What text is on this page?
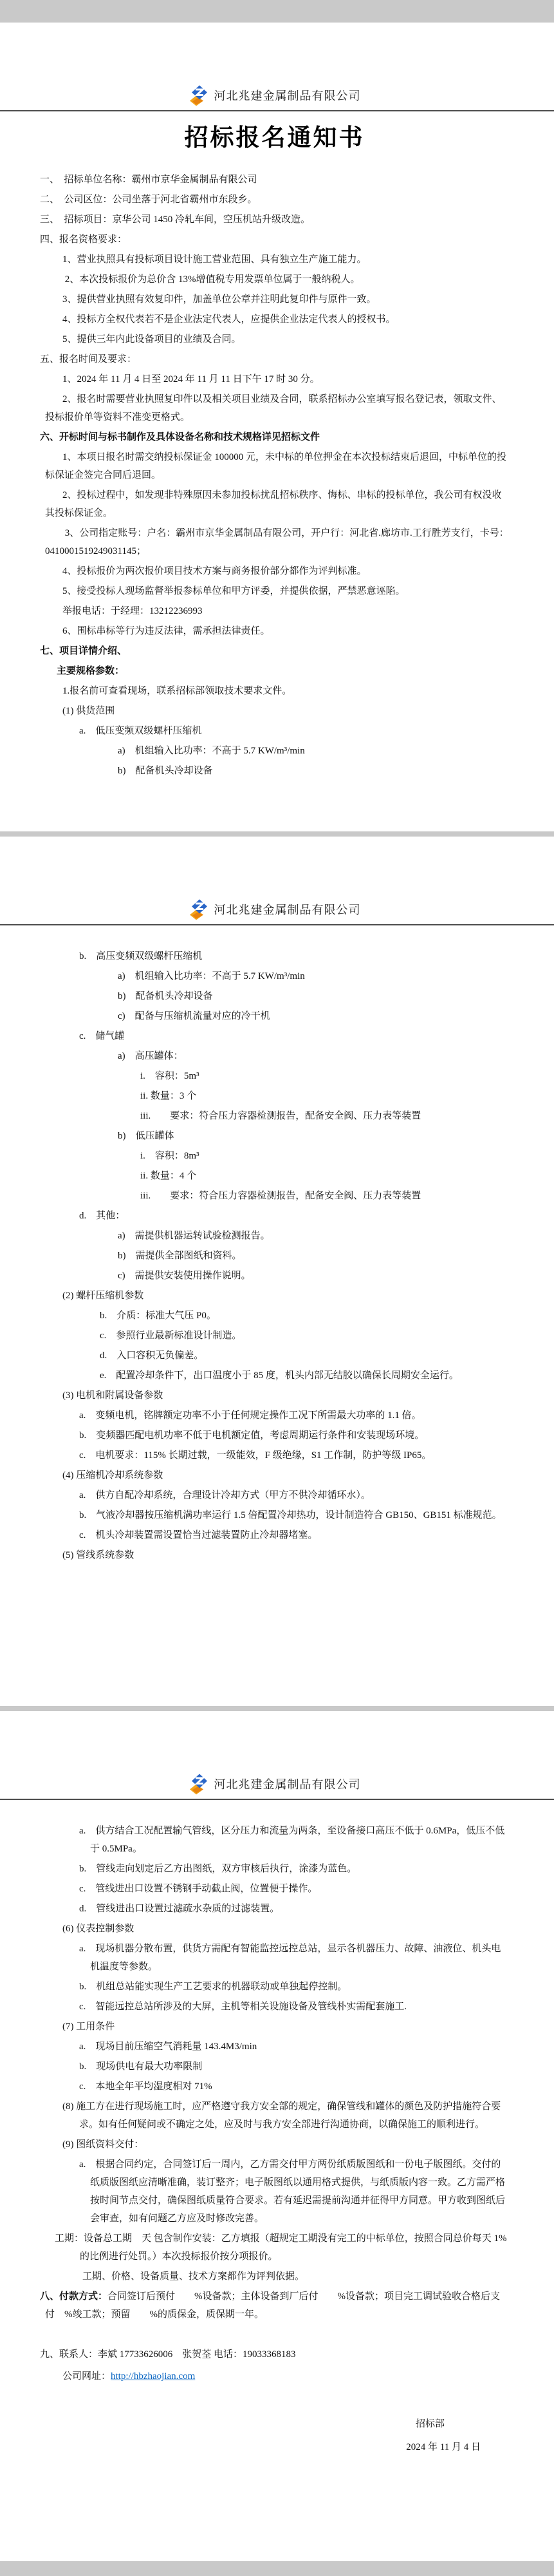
河北兆建金属制品有限公司
招标报名通知书

一、　招标单位名称：霸州市京华金属制品有限公司

二、　公司区位：公司坐落于河北省霸州市东段乡。

三、　招标项目：京华公司 1450 冷轧车间，空压机站升级改造。

四、报名资格要求：

1、营业执照具有投标项目设计施工营业范围、具有独立生产施工能力。

2、本次投标报价为总价含 13%增值税专用发票单位属于一般纳税人。

3、提供营业执照有效复印件，加盖单位公章并注明此复印件与原件一致。

4、投标方全权代表若不是企业法定代表人，应提供企业法定代表人的授权书。

5、提供三年内此设备项目的业绩及合同。

五、报名时间及要求：

1、2024 年 11 月 4 日至 2024 年 11 月 11 日下午 17 时 30 分。

2、报名时需要营业执照复印件以及相关项目业绩及合同，联系招标办公室填写报名登记表，领取文件、投标报价单等资料不准变更格式。

六、开标时间与标书制作及具体设备名称和技术规格详见招标文件

1、本项日报名时需交纳投标保证金 100000 元，未中标的单位押金在本次投标结束后退回，中标单位的投标保证金签完合同后退回。

2、投标过程中，如发现非特殊原因未参加投标扰乱招标秩序、悔标、串标的投标单位，我公司有权没收其投标保证金。

3、公司指定账号：户名：霸州市京华金属制品有限公司，开户行：河北省.廊坊市.工行胜芳支行，卡号：0410001519249031145；

4、投标报价为两次报价项目技术方案与商务报价部分都作为评判标准。

5、接受投标人现场监督举报参标单位和甲方评委，并提供依据，严禁恶意诬陷。

举报电话：于经理：13212236993

6、围标串标等行为违反法律，需承担法律责任。

七、项目详情介绍、

主要规格参数：

1.报名前可查看现场，联系招标部领取技术要求文件。

(1) 供货范围

a.　低压变频双级螺杆压缩机

a)　机组输入比功率：不高于 5.7 KW/m³/min

b)　配备机头冷却设备

河北兆建金属制品有限公司

b.　高压变频双级螺杆压缩机

a)　机组输入比功率：不高于 5.7 KW/m³/min

b)　配备机头冷却设备

c)　配备与压缩机流量对应的冷干机

c.　储气罐

a)　高压罐体：

i.　容积：5m³

ii. 数量：3 个

iii.　　要求：符合压力容器检测报告，配备安全阀、压力表等装置

b)　低压罐体

i.　容积：8m³

ii. 数量：4 个

iii.　　要求：符合压力容器检测报告，配备安全阀、压力表等装置

d.　其他：

a)　需提供机器运转试验检测报告。

b)　需提供全部图纸和资料。

c)　需提供安装使用操作说明。

(2) 螺杆压缩机参数

b.　介质：标准大气压 P0。

c.　参照行业最新标准设计制造。

d.　入口容积无负偏差。

e.　配置冷却条件下，出口温度小于 85 度，机头内部无结胶以确保长周期安全运行。

(3) 电机和附属设备参数

a.　变频电机，铭牌额定功率不小于任何规定操作工况下所需最大功率的 1.1 倍。

b.　变频器匹配电机功率不低于电机额定值，考虑周期运行条件和安装现场环境。

c.　电机要求：115% 长期过载，一级能效，F 级绝缘，S1 工作制，防护等级 IP65。

(4) 压缩机冷却系统参数

a.　供方自配冷却系统，合理设计冷却方式（甲方不供冷却循环水）。

b.　气液冷却器按压缩机满功率运行 1.5 倍配置冷却热功，设计制造符合 GB150、GB151 标准规范。

c.　机头冷却装置需设置恰当过滤装置防止冷却器堵塞。

(5) 管线系统参数

河北兆建金属制品有限公司

a.　供方结合工况配置输气管线，区分压力和流量为两条，至设备接口高压不低于 0.6MPa，低压不低于 0.5MPa。

b.　管线走向划定后乙方出图纸，双方审核后执行，涂漆为蓝色。

c.　管线进出口设置不锈钢手动截止阀，位置便于操作。

d.　管线进出口设置过滤疏水杂质的过滤装置。

(6) 仪表控制参数

a.　现场机器分散布置，供货方需配有智能监控远控总站，显示各机器压力、故障、油液位、机头电机温度等参数。

b.　机组总站能实现生产工艺要求的机器联动或单独起停控制。

c.　智能远控总站所涉及的大屏，主机等相关设施设备及管线朴实需配套施工.

(7) 工用条件

a.　现场目前压缩空气消耗量 143.4M3/min

b.　现场供电有最大功率限制

c.　本地全年平均湿度相对 71%

(8) 施工方在进行现场施工时，应严格遵守我方安全部的规定，确保管线和罐体的颜色及防护措施符合要求。如有任何疑问或不确定之处，应及时与我方安全部进行沟通协商，以确保施工的顺利进行。

(9) 图纸资料交付：

a.　根据合同约定，合同签订后一周内，乙方需交付甲方两份纸质版图纸和一份电子版图纸。交付的纸质版图纸应清晰准确，装订整齐；电子版图纸以通用格式提供，与纸质版内容一致。乙方需严格按时间节点交付，确保图纸质量符合要求。若有延迟需提前沟通并征得甲方同意。甲方收到图纸后会审查，如有问题乙方应及时修改完善。

工期：设备总工期　天 包含制作安装：乙方填报（超规定工期没有完工的中标单位，按照合同总价每天 1%的比例进行处罚。）本次投标报价按分项报价。

工期、价格、设备质量、技术方案都作为评判依据。

八、付款方式：合同签订后预付　　%设备款；主体设备到厂后付　　%设备款；项目完工调试验收合格后支付　%竣工款；预留　　%的质保金，质保期一年。

九、联系人：李斌 17733626006　张贺荃 电话：19033368183

公司网址：http://hbzhaojian.com

招标部

2024 年 11 月 4 日
